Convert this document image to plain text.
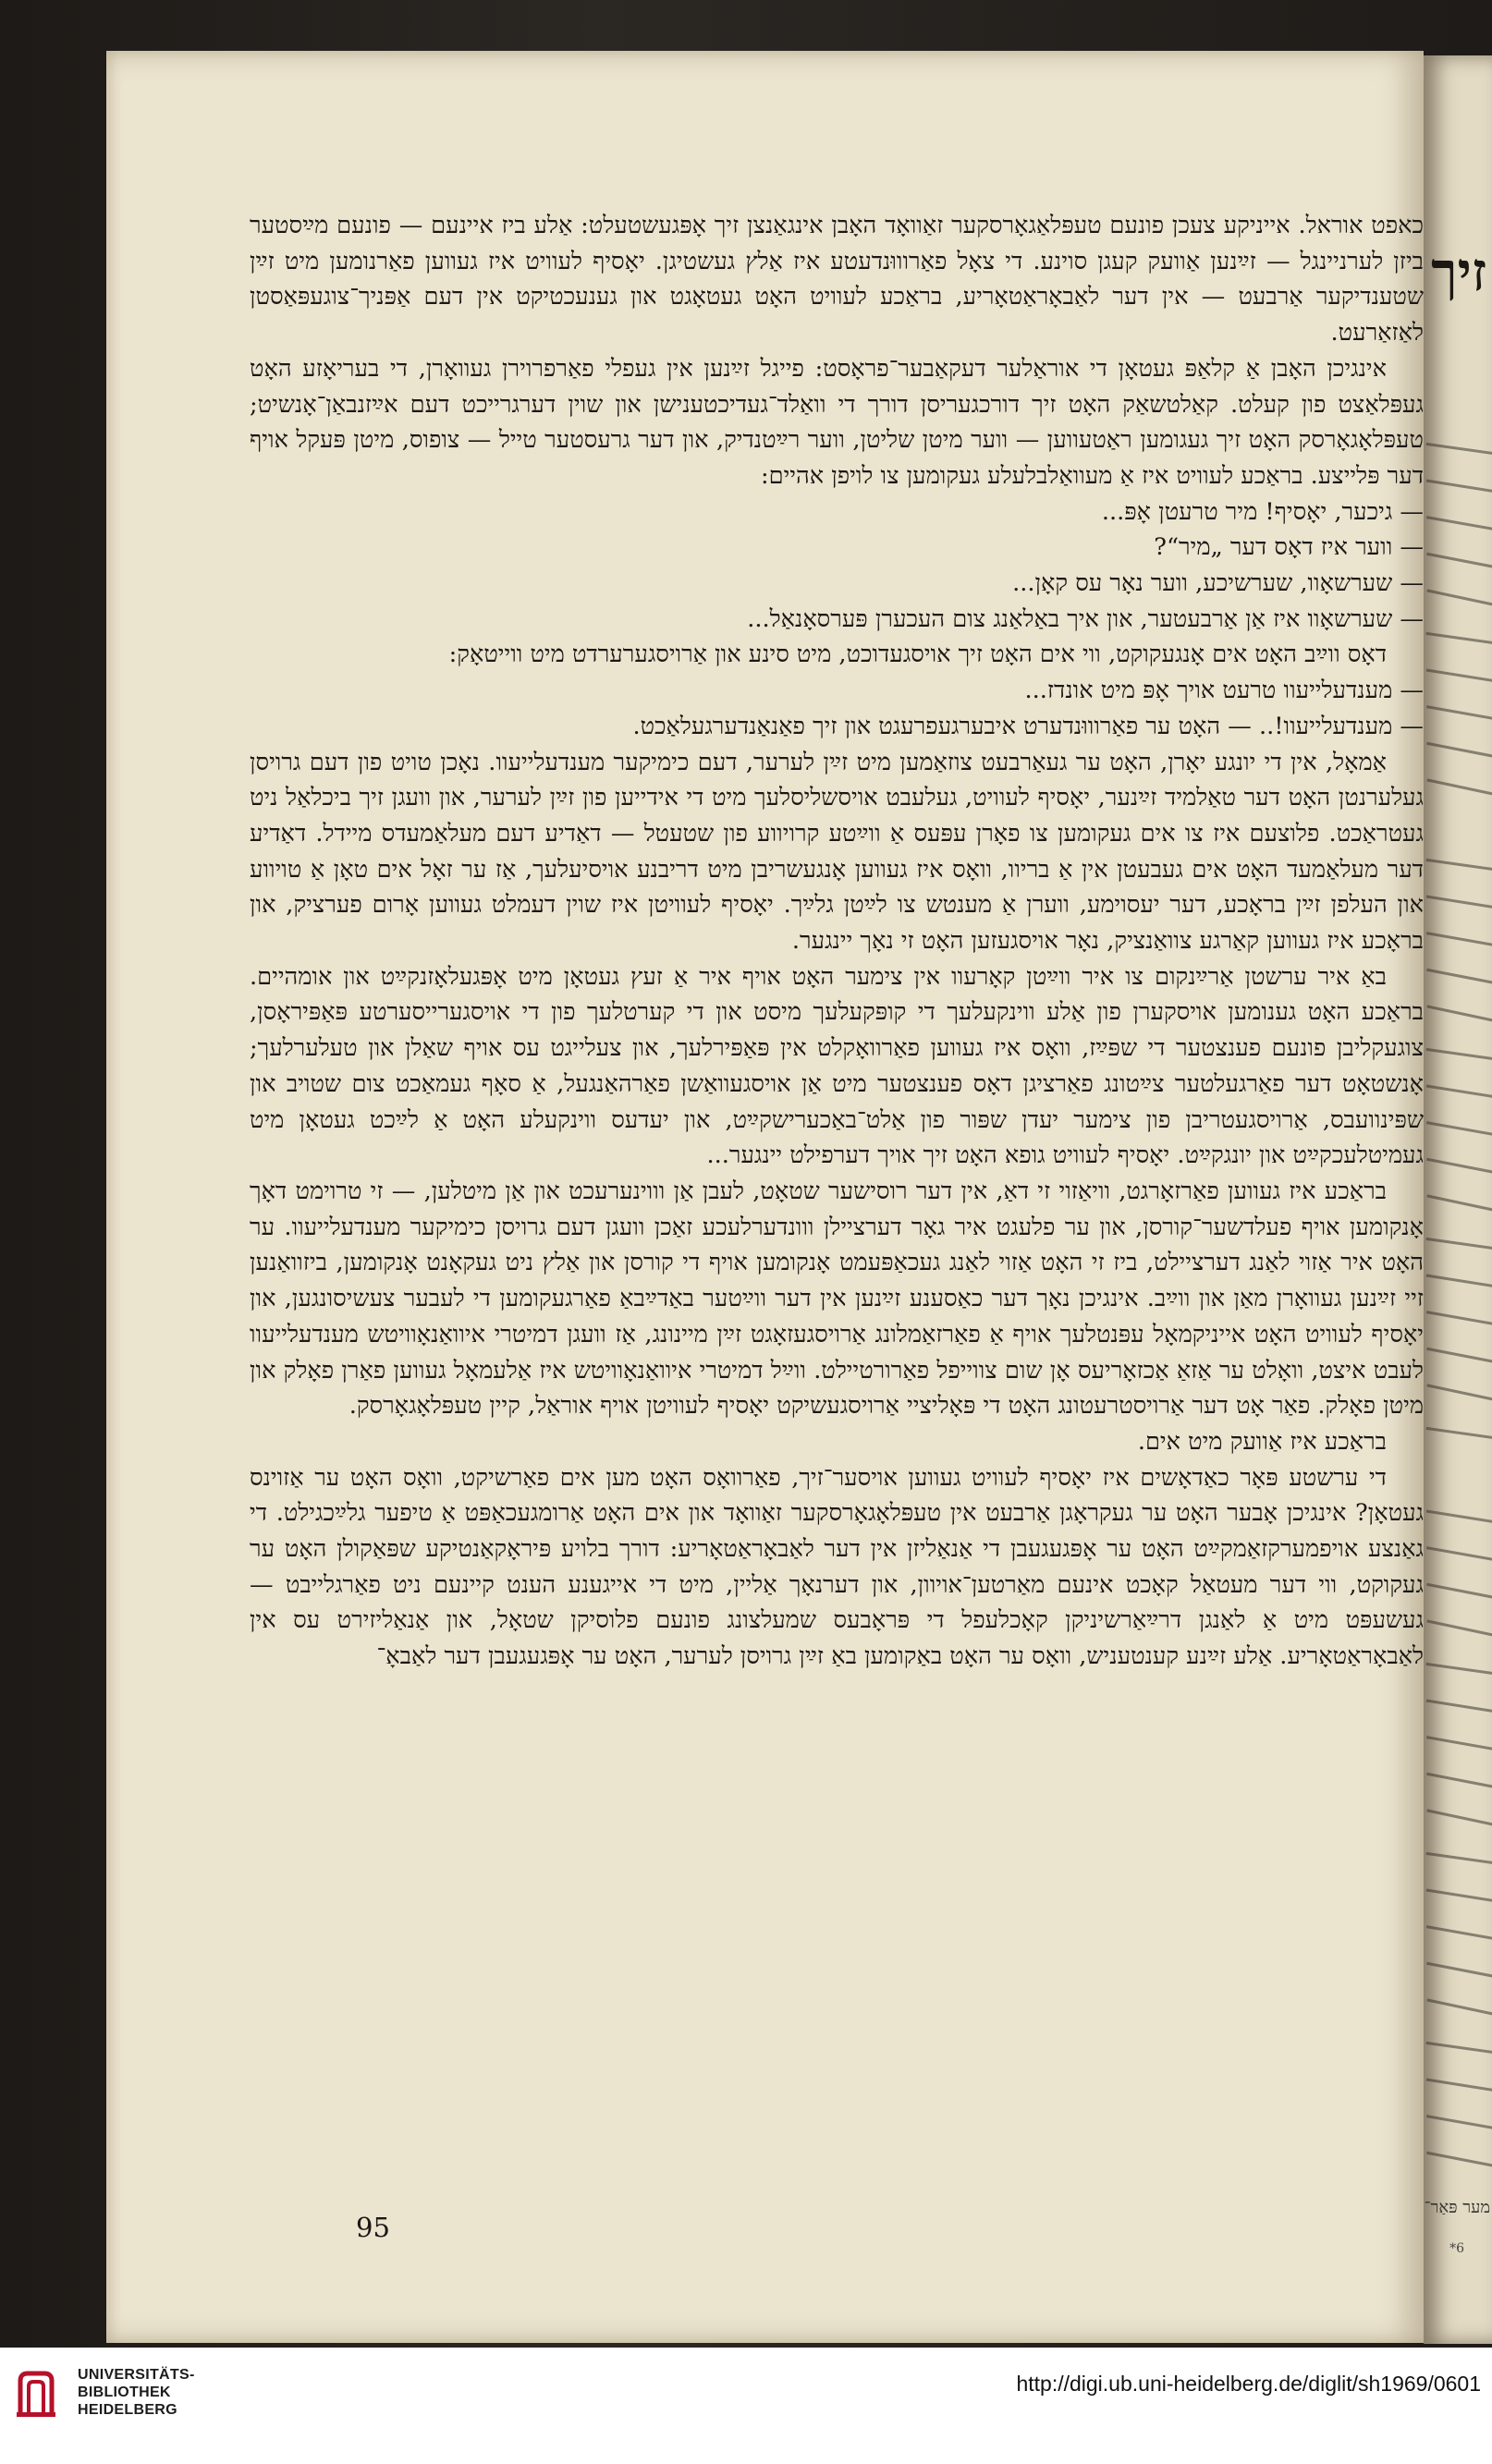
כאפט אוראל. אייניקע צעכן פונעם טעפּלאַגאָרסקער זאַוואָד האָבן אינגאַנצן זיך אָפּגעשטעלט: אַלע ביז איינעם — פונעם מײַסטער ביזן לערניינגל — זײַנען אַוועק קעגן סוינע. די צאָל פאַרוווּנדעטע איז אַלץ געשטיגן. יאָסיף לעוויט איז געווען פאַרנומען מיט זײַן שטענדיקער אַרבעט — אין דער לאַבאָראַטאָריע, בראַכע לעוויט האָט געטאָגט און גענעכטיקט אין דעם אַפּניך־צוגעפּאַסטן לאַזאַרעט.

אינגיכן האָבן אַ קלאַפּ געטאָן די אוראַלער דעקאַבער־פראָסט: פייגל זײַנען אין געפלי פאַרפרוירן געוואָרן, די בעריאָזע האָט געפּלאַצט פון קעלט. קאַלטשאַק האָט זיך דורכגעריסן דורך די וואַלד־געדיכטענישן און שוין דערגרייכט דעם אײַזנבאַן־אָנשיט; טעפּלאָגאָרסק האָט זיך געגומען ראַטעווען — ווער מיטן שליטן, ווער רײַטנדיק, און דער גרעסטער טייל — צופוס, מיטן פּעקל אויף דער פּלייצע. בראַכע לעוויט איז אַ מעוואַלבלעלע געקומען צו לויפן אהיים:

— גיכער, יאָסיף! מיר טרעטן אָפּ...

— ווער איז דאָס דער „מיר“?

— שערשאָוו, שערשיכע, ווער נאָר עס קאָן...

— שערשאָוו איז אַן אַרבעטער, און איך באַלאַנג צום העכערן פּערסאָנאַל...

דאָס ווײַב האָט אים אָנגעקוקט, ווי אים האָט זיך אויסגעדוכט, מיט סינע און אַרויסגערערדט מיט ווייטאָק:

— מענדעלייעוו טרעט אויך אָפּ מיט אונדז...

— מענדעלייעוו!.. — האָט ער פאַרוווּנדערט איבערגעפרעגט און זיך פאַנאַנדערגעלאַכט.

אַמאָל, אין די יונגע יאָרן, האָט ער געאַרבעט צוזאַמען מיט זײַן לערער, דעם כימיקער מענדעלייעוו. נאָכן טויט פון דעם גרויסן געלערנטן האָט דער טאַלמיד זײַנער, יאָסיף לעוויט, געלעבט אויסשליסלעך מיט די אידייען פון זײַן לערער, און וועגן זיך ביכלאַל ניט געטראַכט. פלוצעם איז צו אים געקומען צו פאָרן עפּעס אַ ווײַטע קרויווע פון שטעטל — דאַדיע דעם מעלאַמעדס מיידל. דאַדיע דער מעלאַמעד האָט אים געבעטן אין אַ בריוו, וואָס איז געווען אָנגעשריבן מיט דריבנע אויסיעלעך, אַז ער זאָל אים טאָן אַ טויווע און העלפן זײַן בראָכע, דער יעסוימע, ווערן אַ מענטש צו לײַטן גלײַך. יאָסיף לעוויטן איז שוין דעמלט געווען אָרום פערציק, און בראָכע איז געווען קאַרגע צוואַנציק, נאָר אויסגעזען האָט זי נאָך יינגער.

באַ איר ערשטן אַרײַנקום צו איר ווײַטן קאָרעוו אין צימער האָט אויף איר אַ זעץ געטאָן מיט אָפּגעלאָזנקײַט און אומהיים. בראַכע האָט גענומען אויסקערן פון אַלע ווינקעלעך די קופּקעלעך מיסט און די קערטלעך פון די אויסגערייסערטע פּאַפּיראָסן, צוגעקליבן פונעם פענצטער די שפּײַז, וואָס איז געווען פאַרוואָקלט אין פּאַפּירלעך, און צעלייגט עס אויף שאַלן און טעלערלעך; אָנשטאָט דער פאַרגעלטער צײַטונג פאַרציגן דאָס פענצטער מיט אַן אויסגעוואַשן פאַרהאַנגעל, אַ סאָף געמאַכט צום שטויב און שפּינוועבס, אַרויסגעטריבן פון צימער יעדן שפּור פון אַלט־באַכערישקײַט, און יעדעס ווינקעלע האָט אַ לײַכט געטאָן מיט געמיטלעכקײַט און יונגקײַט. יאָסיף לעוויט גופא האָט זיך אויך דערפילט יינגער...

בראַכע איז געווען פאַרזאָרגט, וויאַזוי זי דאַ, אין דער רוסישער שטאָט, לעבן אַן וווינערעכט און אַן מיטלען, — זי טרוימט דאָך אָנקומען אויף פעלדשער־קורסן, און ער פלעגט איר גאָר דערציילן ווונדערלעכע זאַכן וועגן דעם גרויסן כימיקער מענדעלייעוו. ער האָט איר אַזוי לאַנג דערציילט, ביז זי האָט אַזוי לאַנג געכאַפּעמט אָנקומען אויף די קורסן און אַלץ ניט געקאָנט אָנקומען, ביזוואַנען זיי זײַנען געוואָרן מאַן און ווײַב. אינגיכן נאָך דער כאַסענע זײַנען אין דער ווײַטער באַדײַבאַ פאַרגעקומען די לעבער צעשיסונגען, און יאָסיף לעוויט האָט אייניקמאָל עפּנטלעך אויף אַ פאַרזאַמלונג אַרויסגעזאָגט זײַן מיינונג, אַז וועגן דמיטרי איוואַנאָוויטש מענדעלייעוו לעבט איצט, וואָלט ער אַזאַ אַכזאָריעס אָן שום צווייפל פאַרורטיילט. ווײַל דמיטרי איוואַנאָוויטש איז אַלעמאָל געווען פאַרן פאָלק און מיטן פאָלק. פאַר אָט דער אַרויסטרעטונג האָט די פּאָליציי אַרויסגעשיקט יאָסיף לעוויטן אויף אוראַל, קיין טעפּלאָגאָרסק.

בראַכע איז אַוועק מיט אים.

די ערשטע פּאָר כאַדאָשים איז יאָסיף לעוויט געווען אויסער־זיך, פאַרוואָס האָט מען אים פאַרשיקט, וואָס האָט ער אַזוינס געטאָן? אינגיכן אָבער האָט ער געקראָגן אַרבעט אין טעפּלאָגאָרסקער זאַוואָד און אים האָט אַרומגעכאַפּט אַ טיפער גלײַכגילט. די גאַנצע אויפמערקזאַמקײַט האָט ער אָפּגעגעבן די אַנאַליזן אין דער לאַבאָראַטאָריע: דורך בלויע פּיראָקאַנטיקע שפּאַקולן האָט ער געקוקט, ווי דער מעטאַל קאָכט אינעם מאַרטען־אויוון, און דערנאָך אַליין, מיט די אייגענע הענט קיינעם ניט פאַרגלייבט — געשעפּט מיט אַ לאַנגן דרײַאַרשיניקן קאָכלעפל די פּראָבעס שמעלצונג פונעם פלוסיקן שטאָל, און אַנאַליזירט עס אין לאַבאָראַטאָריע. אַלע זײַנע קענטעניש, וואָס ער האָט באַקומען באַ זײַן גרויסן לערער, האָט ער אָפּגעגעבן דער לאַבאָ־

95
זיך
מער פּאַר־
6*
UNIVERSITÄTS-
BIBLIOTHEK
HEIDELBERG
http://digi.ub.uni-heidelberg.de/diglit/sh1969/0601
